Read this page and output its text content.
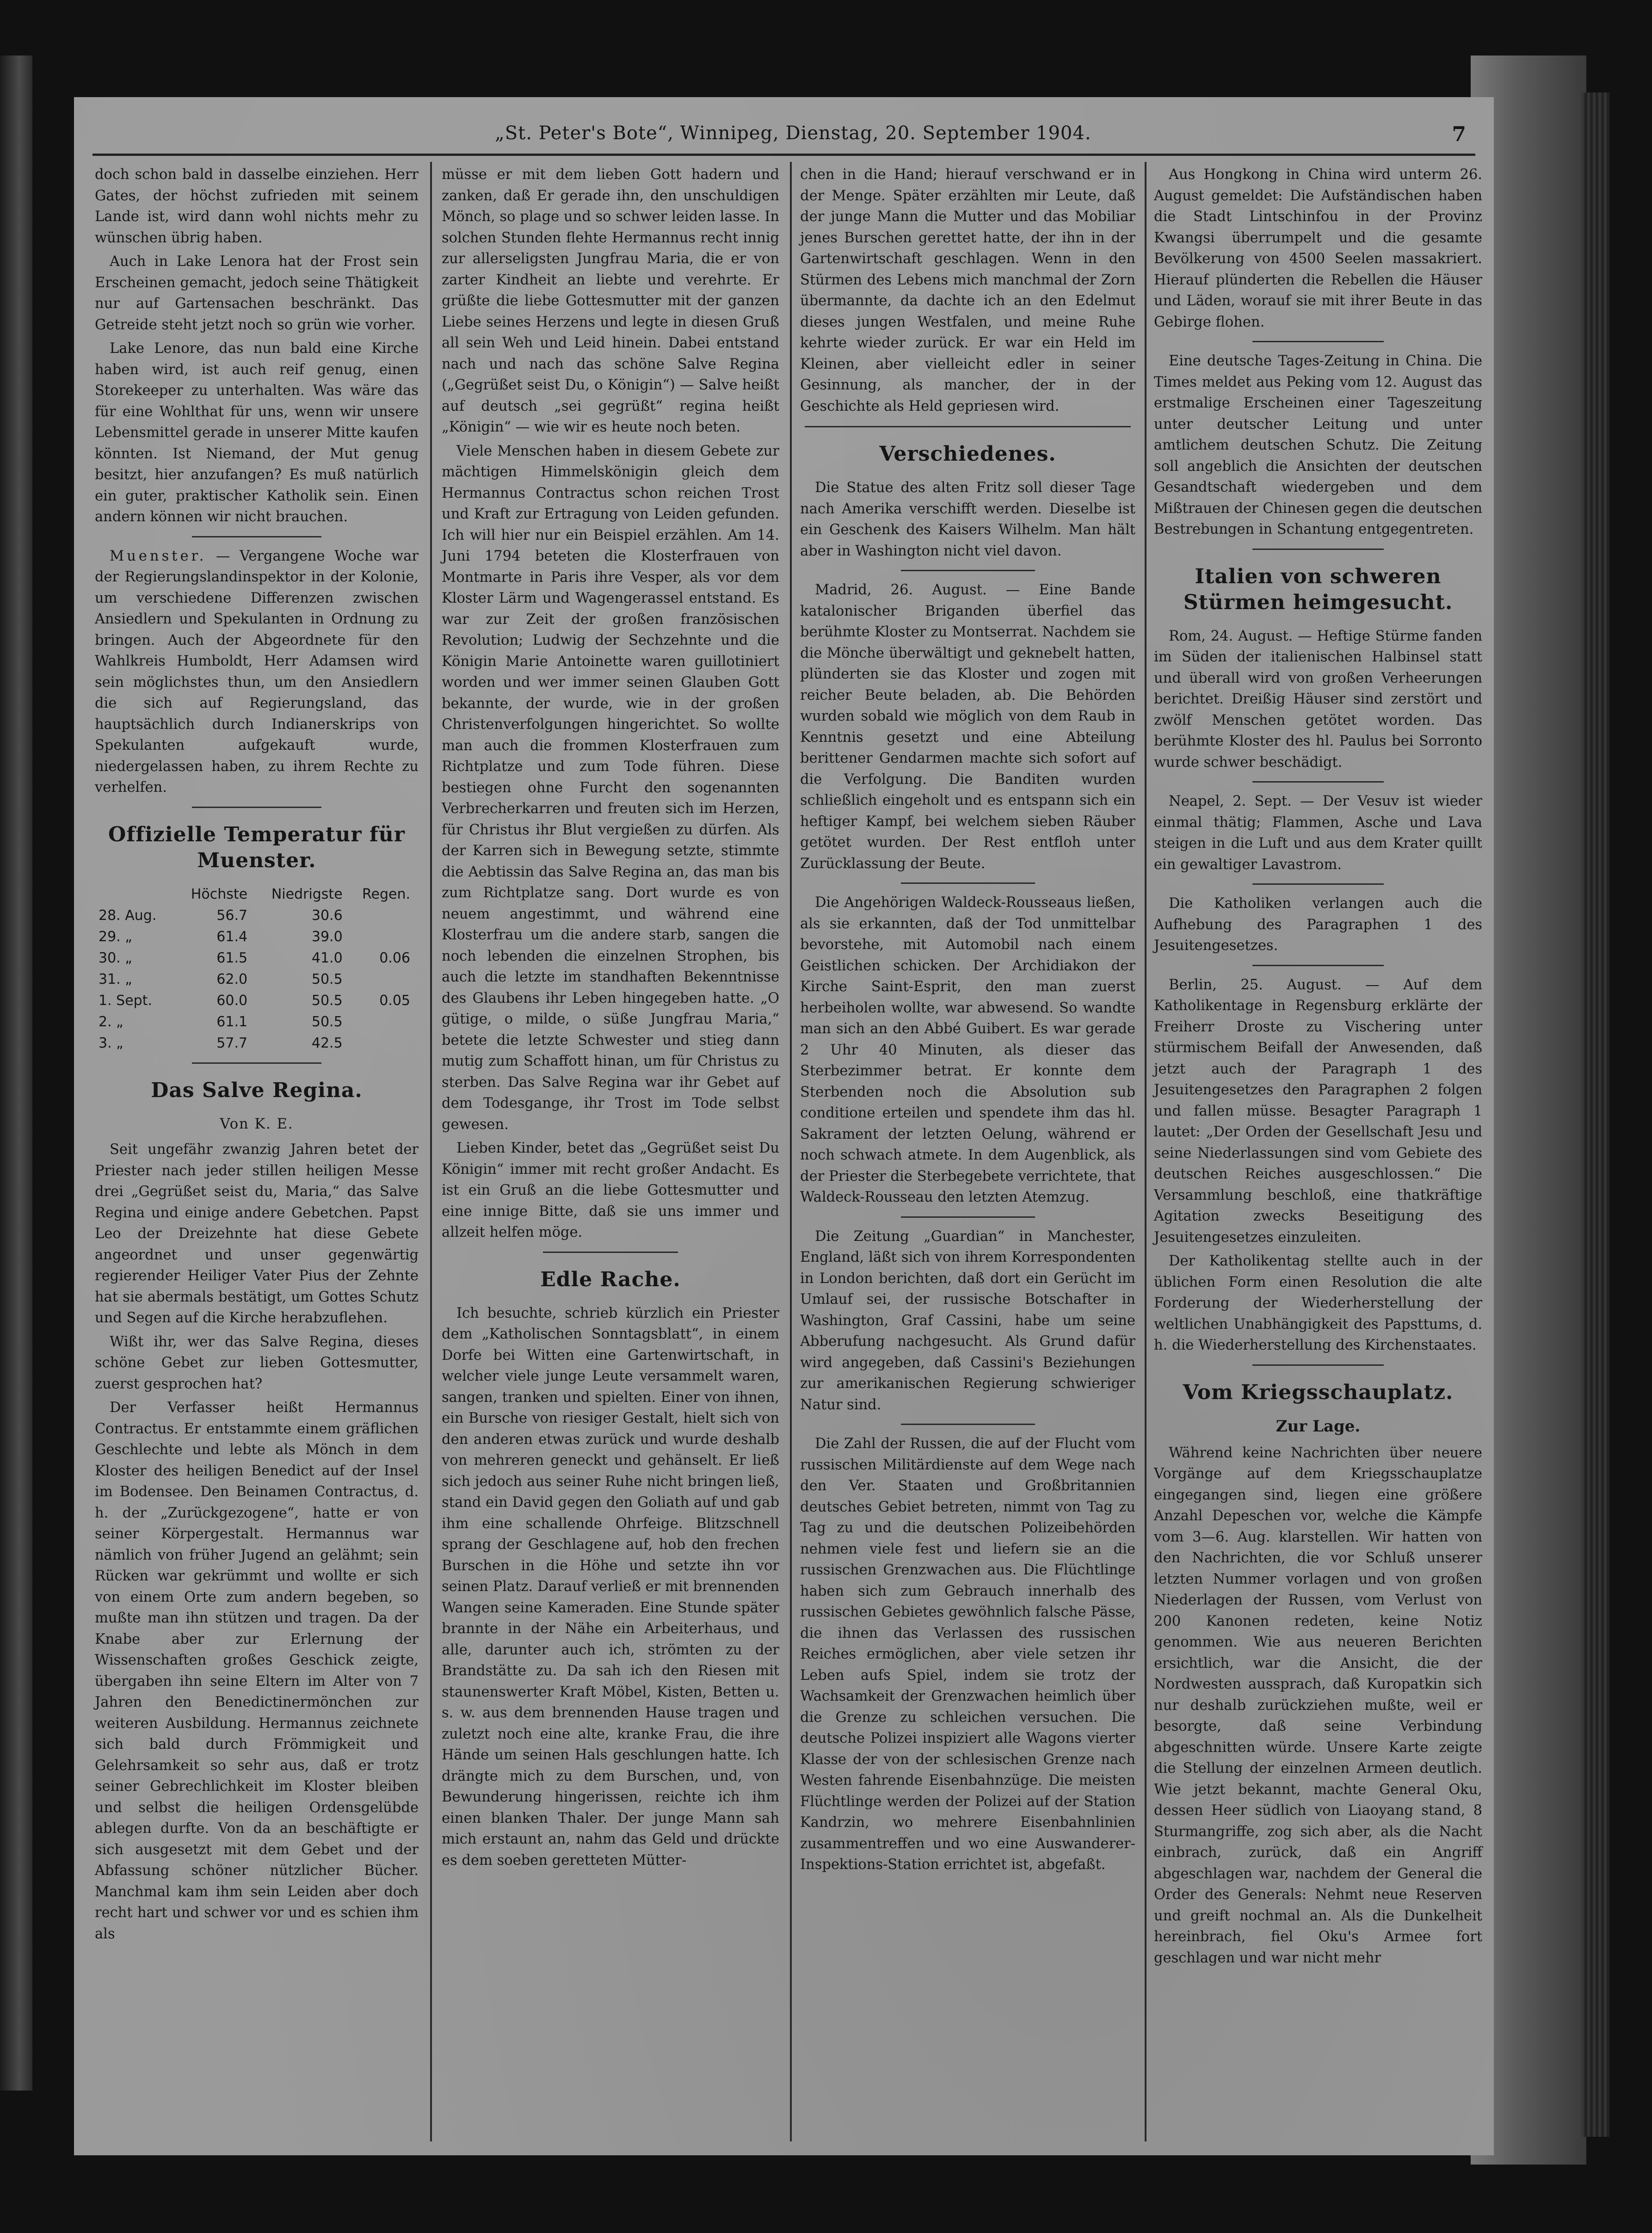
„St. Peter's Bote“, Winnipeg, Dienstag, 20. September 1904.	7

doch schon bald in dasselbe einziehen. Herr Gates, der höchst zufrieden mit seinem Lande ist, wird dann wohl nichts mehr zu wünschen übrig haben.

Auch in Lake Lenora hat der Frost sein Erscheinen gemacht, jedoch seine Thätigkeit nur auf Gartensachen beschränkt. Das Getreide steht jetzt noch so grün wie vorher.

Lake Lenore, das nun bald eine Kirche haben wird, ist auch reif genug, einen Storekeeper zu unterhalten. Was wäre das für eine Wohlthat für uns, wenn wir unsere Lebensmittel gerade in unserer Mitte kaufen könnten. Ist Niemand, der Mut genug besitzt, hier anzufangen? Es muß natürlich ein guter, praktischer Katholik sein. Einen andern können wir nicht brauchen.

Muenster. — Vergangene Woche war der Regierungslandinspektor in der Kolonie, um verschiedene Differenzen zwischen Ansiedlern und Spekulanten in Ordnung zu bringen. Auch der Abgeordnete für den Wahlkreis Humboldt, Herr Adamsen wird sein möglichstes thun, um den Ansiedlern die sich auf Regierungsland, das hauptsächlich durch Indianerskrips von Spekulanten aufgekauft wurde, niedergelassen haben, zu ihrem Rechte zu verhelfen.

Offizielle Temperatur für Muenster.
	Höchste	Niedrigste	Regen.
28. Aug.	56.7	30.6	
29. „	61.4	39.0	
30. „	61.5	41.0	0.06
31. „	62.0	50.5	
1. Sept.	60.0	50.5	0.05
2. „	61.1	50.5	
3. „	57.7	42.5	
Das Salve Regina.
Von K. E.

Seit ungefähr zwanzig Jahren betet der Priester nach jeder stillen heiligen Messe drei „Gegrüßet seist du, Maria,“ das Salve Regina und einige andere Gebetchen. Papst Leo der Dreizehnte hat diese Gebete angeordnet und unser gegenwärtig regierender Heiliger Vater Pius der Zehnte hat sie abermals bestätigt, um Gottes Schutz und Segen auf die Kirche herabzuflehen.

Wißt ihr, wer das Salve Regina, dieses schöne Gebet zur lieben Gottesmutter, zuerst gesprochen hat?

Der Verfasser heißt Hermannus Contractus. Er entstammte einem gräflichen Geschlechte und lebte als Mönch in dem Kloster des heiligen Benedict auf der Insel im Bodensee. Den Beinamen Contractus, d. h. der „Zurückgezogene“, hatte er von seiner Körpergestalt. Hermannus war nämlich von früher Jugend an gelähmt; sein Rücken war gekrümmt und wollte er sich von einem Orte zum andern begeben, so mußte man ihn stützen und tragen. Da der Knabe aber zur Erlernung der Wissenschaften großes Geschick zeigte, übergaben ihn seine Eltern im Alter von 7 Jahren den Benedictinermönchen zur weiteren Ausbildung. Hermannus zeichnete sich bald durch Frömmigkeit und Gelehrsamkeit so sehr aus, daß er trotz seiner Gebrechlichkeit im Kloster bleiben und selbst die heiligen Ordensgelübde ablegen durfte. Von da an beschäftigte er sich ausgesetzt mit dem Gebet und der Abfassung schöner nützlicher Bücher. Manchmal kam ihm sein Leiden aber doch recht hart und schwer vor und es schien ihm als

müsse er mit dem lieben Gott hadern und zanken, daß Er gerade ihn, den unschuldigen Mönch, so plage und so schwer leiden lasse. In solchen Stunden flehte Hermannus recht innig zur allerseligsten Jungfrau Maria, die er von zarter Kindheit an liebte und verehrte. Er grüßte die liebe Gottesmutter mit der ganzen Liebe seines Herzens und legte in diesen Gruß all sein Weh und Leid hinein. Dabei entstand nach und nach das schöne Salve Regina („Gegrüßet seist Du, o Königin“) — Salve heißt auf deutsch „sei gegrüßt“ regina heißt „Königin“ — wie wir es heute noch beten.

Viele Menschen haben in diesem Gebete zur mächtigen Himmelskönigin gleich dem Hermannus Contractus schon reichen Trost und Kraft zur Ertragung von Leiden gefunden. Ich will hier nur ein Beispiel erzählen. Am 14. Juni 1794 beteten die Klosterfrauen von Montmarte in Paris ihre Vesper, als vor dem Kloster Lärm und Wagengerassel entstand. Es war zur Zeit der großen französischen Revolution; Ludwig der Sechzehnte und die Königin Marie Antoinette waren guillotiniert worden und wer immer seinen Glauben Gott bekannte, der wurde, wie in der großen Christenverfolgungen hingerichtet. So wollte man auch die frommen Klosterfrauen zum Richtplatze und zum Tode führen. Diese bestiegen ohne Furcht den sogenannten Verbrecherkarren und freuten sich im Herzen, für Christus ihr Blut vergießen zu dürfen. Als der Karren sich in Bewegung setzte, stimmte die Aebtissin das Salve Regina an, das man bis zum Richtplatze sang. Dort wurde es von neuem angestimmt, und während eine Klosterfrau um die andere starb, sangen die noch lebenden die einzelnen Strophen, bis auch die letzte im standhaften Bekenntnisse des Glaubens ihr Leben hingegeben hatte. „O gütige, o milde, o süße Jungfrau Maria,“ betete die letzte Schwester und stieg dann mutig zum Schaffott hinan, um für Christus zu sterben. Das Salve Regina war ihr Gebet auf dem Todesgange, ihr Trost im Tode selbst gewesen.

Lieben Kinder, betet das „Gegrüßet seist Du Königin“ immer mit recht großer Andacht. Es ist ein Gruß an die liebe Gottesmutter und eine innige Bitte, daß sie uns immer und allzeit helfen möge.

Edle Rache.

Ich besuchte, schrieb kürzlich ein Priester dem „Katholischen Sonntagsblatt“, in einem Dorfe bei Witten eine Gartenwirtschaft, in welcher viele junge Leute versammelt waren, sangen, tranken und spielten. Einer von ihnen, ein Bursche von riesiger Gestalt, hielt sich von den anderen etwas zurück und wurde deshalb von mehreren geneckt und gehänselt. Er ließ sich jedoch aus seiner Ruhe nicht bringen ließ, stand ein David gegen den Goliath auf und gab ihm eine schallende Ohrfeige. Blitzschnell sprang der Geschlagene auf, hob den frechen Burschen in die Höhe und setzte ihn vor seinen Platz. Darauf verließ er mit brennenden Wangen seine Kameraden. Eine Stunde später brannte in der Nähe ein Arbeiterhaus, und alle, darunter auch ich, strömten zu der Brandstätte zu. Da sah ich den Riesen mit staunenswerter Kraft Möbel, Kisten, Betten u. s. w. aus dem brennenden Hause tragen und zuletzt noch eine alte, kranke Frau, die ihre Hände um seinen Hals geschlungen hatte. Ich drängte mich zu dem Burschen, und, von Bewunderung hingerissen, reichte ich ihm einen blanken Thaler. Der junge Mann sah mich erstaunt an, nahm das Geld und drückte es dem soeben geretteten Mütter-

chen in die Hand; hierauf verschwand er in der Menge. Später erzählten mir Leute, daß der junge Mann die Mutter und das Mobiliar jenes Burschen gerettet hatte, der ihn in der Gartenwirtschaft geschlagen. Wenn in den Stürmen des Lebens mich manchmal der Zorn übermannte, da dachte ich an den Edelmut dieses jungen Westfalen, und meine Ruhe kehrte wieder zurück. Er war ein Held im Kleinen, aber vielleicht edler in seiner Gesinnung, als mancher, der in der Geschichte als Held gepriesen wird.

Verschiedenes.

Die Statue des alten Fritz soll dieser Tage nach Amerika verschifft werden. Dieselbe ist ein Geschenk des Kaisers Wilhelm. Man hält aber in Washington nicht viel davon.

Madrid, 26. August. — Eine Bande katalonischer Briganden überfiel das berühmte Kloster zu Montserrat. Nachdem sie die Mönche überwältigt und geknebelt hatten, plünderten sie das Kloster und zogen mit reicher Beute beladen, ab. Die Behörden wurden sobald wie möglich von dem Raub in Kenntnis gesetzt und eine Abteilung berittener Gendarmen machte sich sofort auf die Verfolgung. Die Banditen wurden schließlich eingeholt und es entspann sich ein heftiger Kampf, bei welchem sieben Räuber getötet wurden. Der Rest entfloh unter Zurücklassung der Beute.

Die Angehörigen Waldeck-Rousseaus ließen, als sie erkannten, daß der Tod unmittelbar bevorstehe, mit Automobil nach einem Geistlichen schicken. Der Archidiakon der Kirche Saint-Esprit, den man zuerst herbeiholen wollte, war abwesend. So wandte man sich an den Abbé Guibert. Es war gerade 2 Uhr 40 Minuten, als dieser das Sterbezimmer betrat. Er konnte dem Sterbenden noch die Absolution sub conditione erteilen und spendete ihm das hl. Sakrament der letzten Oelung, während er noch schwach atmete. In dem Augenblick, als der Priester die Sterbegebete verrichtete, that Waldeck-Rousseau den letzten Atemzug.

Die Zeitung „Guardian“ in Manchester, England, läßt sich von ihrem Korrespondenten in London berichten, daß dort ein Gerücht im Umlauf sei, der russische Botschafter in Washington, Graf Cassini, habe um seine Abberufung nachgesucht. Als Grund dafür wird angegeben, daß Cassini's Beziehungen zur amerikanischen Regierung schwieriger Natur sind.

Die Zahl der Russen, die auf der Flucht vom russischen Militärdienste auf dem Wege nach den Ver. Staaten und Großbritannien deutsches Gebiet betreten, nimmt von Tag zu Tag zu und die deutschen Polizeibehörden nehmen viele fest und liefern sie an die russischen Grenzwachen aus. Die Flüchtlinge haben sich zum Gebrauch innerhalb des russischen Gebietes gewöhnlich falsche Pässe, die ihnen das Verlassen des russischen Reiches ermöglichen, aber viele setzen ihr Leben aufs Spiel, indem sie trotz der Wachsamkeit der Grenzwachen heimlich über die Grenze zu schleichen versuchen. Die deutsche Polizei inspiziert alle Wagons vierter Klasse der von der schlesischen Grenze nach Westen fahrende Eisenbahnzüge. Die meisten Flüchtlinge werden der Polizei auf der Station Kandrzin, wo mehrere Eisenbahnlinien zusammentreffen und wo eine Auswanderer-Inspektions-Station errichtet ist, abgefaßt.

Aus Hongkong in China wird unterm 26. August gemeldet: Die Aufständischen haben die Stadt Lintschinfou in der Provinz Kwangsi überrumpelt und die gesamte Bevölkerung von 4500 Seelen massakriert. Hierauf plünderten die Rebellen die Häuser und Läden, worauf sie mit ihrer Beute in das Gebirge flohen.

Eine deutsche Tages-Zeitung in China. Die Times meldet aus Peking vom 12. August das erstmalige Erscheinen einer Tageszeitung unter deutscher Leitung und unter amtlichem deutschen Schutz. Die Zeitung soll angeblich die Ansichten der deutschen Gesandtschaft wiedergeben und dem Mißtrauen der Chinesen gegen die deutschen Bestrebungen in Schantung entgegentreten.

Italien von schweren Stürmen heimgesucht.

Rom, 24. August. — Heftige Stürme fanden im Süden der italienischen Halbinsel statt und überall wird von großen Verheerungen berichtet. Dreißig Häuser sind zerstört und zwölf Menschen getötet worden. Das berühmte Kloster des hl. Paulus bei Sorronto wurde schwer beschädigt.

Neapel, 2. Sept. — Der Vesuv ist wieder einmal thätig; Flammen, Asche und Lava steigen in die Luft und aus dem Krater quillt ein gewaltiger Lavastrom.

Die Katholiken verlangen auch die Aufhebung des Paragraphen 1 des Jesuitengesetzes.

Berlin, 25. August. — Auf dem Katholikentage in Regensburg erklärte der Freiherr Droste zu Vischering unter stürmischem Beifall der Anwesenden, daß jetzt auch der Paragraph 1 des Jesuitengesetzes den Paragraphen 2 folgen und fallen müsse. Besagter Paragraph 1 lautet: „Der Orden der Gesellschaft Jesu und seine Niederlassungen sind vom Gebiete des deutschen Reiches ausgeschlossen.“ Die Versammlung beschloß, eine thatkräftige Agitation zwecks Beseitigung des Jesuitengesetzes einzuleiten.

Der Katholikentag stellte auch in der üblichen Form einen Resolution die alte Forderung der Wiederherstellung der weltlichen Unabhängigkeit des Papsttums, d. h. die Wiederherstellung des Kirchenstaates.

Vom Kriegsschauplatz.
Zur Lage.

Während keine Nachrichten über neuere Vorgänge auf dem Kriegsschauplatze eingegangen sind, liegen eine größere Anzahl Depeschen vor, welche die Kämpfe vom 3—6. Aug. klarstellen. Wir hatten von den Nachrichten, die vor Schluß unserer letzten Nummer vorlagen und von großen Niederlagen der Russen, vom Verlust von 200 Kanonen redeten, keine Notiz genommen. Wie aus neueren Berichten ersichtlich, war die Ansicht, die der Nordwesten aussprach, daß Kuropatkin sich nur deshalb zurückziehen mußte, weil er besorgte, daß seine Verbindung abgeschnitten würde. Unsere Karte zeigte die Stellung der einzelnen Armeen deutlich. Wie jetzt bekannt, machte General Oku, dessen Heer südlich von Liaoyang stand, 8 Sturmangriffe, zog sich aber, als die Nacht einbrach, zurück, daß ein Angriff abgeschlagen war, nachdem der General die Order des Generals: Nehmt neue Reserven und greift nochmal an. Als die Dunkelheit hereinbrach, fiel Oku's Armee fort geschlagen und war nicht mehr
